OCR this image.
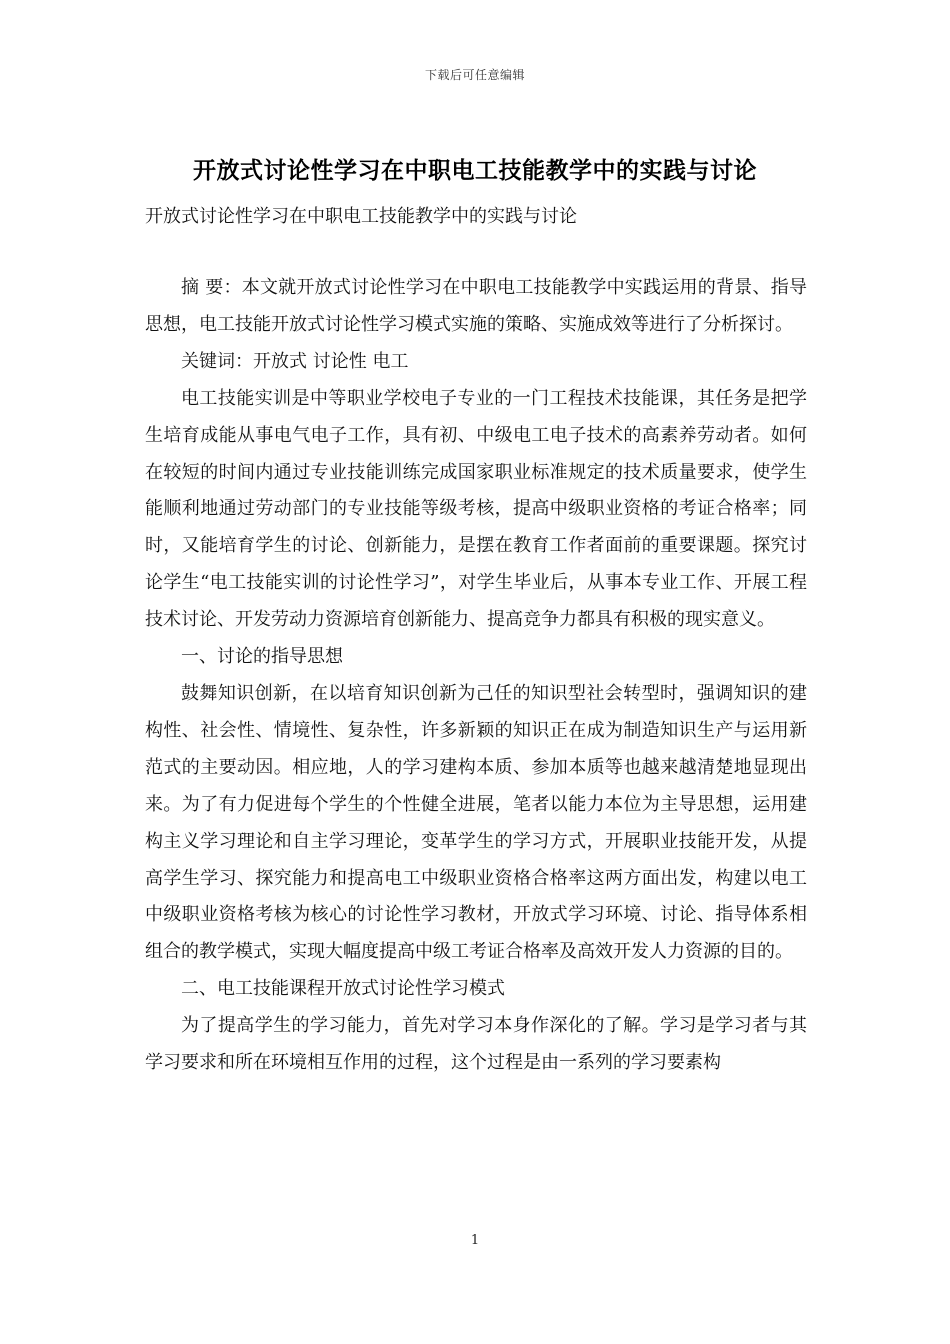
下载后可任意编辑
开放式讨论性学习在中职电工技能教学中的实践与讨论
开放式讨论性学习在中职电工技能教学中的实践与讨论

摘 要：本文就开放式讨论性学习在中职电工技能教学中实践运用的背景、指导思想，电工技能开放式讨论性学习模式实施的策略、实施成效等进行了分析探讨。

关键词：开放式 讨论性 电工

电工技能实训是中等职业学校电子专业的一门工程技术技能课，其任务是把学生培育成能从事电气电子工作，具有初、中级电工电子技术的高素养劳动者。如何在较短的时间内通过专业技能训练完成国家职业标准规定的技术质量要求，使学生能顺利地通过劳动部门的专业技能等级考核，提高中级职业资格的考证合格率；同时，又能培育学生的讨论、创新能力，是摆在教育工作者面前的重要课题。探究讨论学生“电工技能实训的讨论性学习”，对学生毕业后，从事本专业工作、开展工程技术讨论、开发劳动力资源培育创新能力、提高竞争力都具有积极的现实意义。

一、讨论的指导思想

鼓舞知识创新，在以培育知识创新为己任的知识型社会转型时，强调知识的建构性、社会性、情境性、复杂性，许多新颖的知识正在成为制造知识生产与运用新范式的主要动因。相应地，人的学习建构本质、参加本质等也越来越清楚地显现出来。为了有力促进每个学生的个性健全进展，笔者以能力本位为主导思想，运用建构主义学习理论和自主学习理论，变革学生的学习方式，开展职业技能开发，从提高学生学习、探究能力和提高电工中级职业资格合格率这两方面出发，构建以电工中级职业资格考核为核心的讨论性学习教材，开放式学习环境、讨论、指导体系相组合的教学模式，实现大幅度提高中级工考证合格率及高效开发人力资源的目的。

二、电工技能课程开放式讨论性学习模式

为了提高学生的学习能力，首先对学习本身作深化的了解。学习是学习者与其学习要求和所在环境相互作用的过程，这个过程是由一系列的学习要素构

1
